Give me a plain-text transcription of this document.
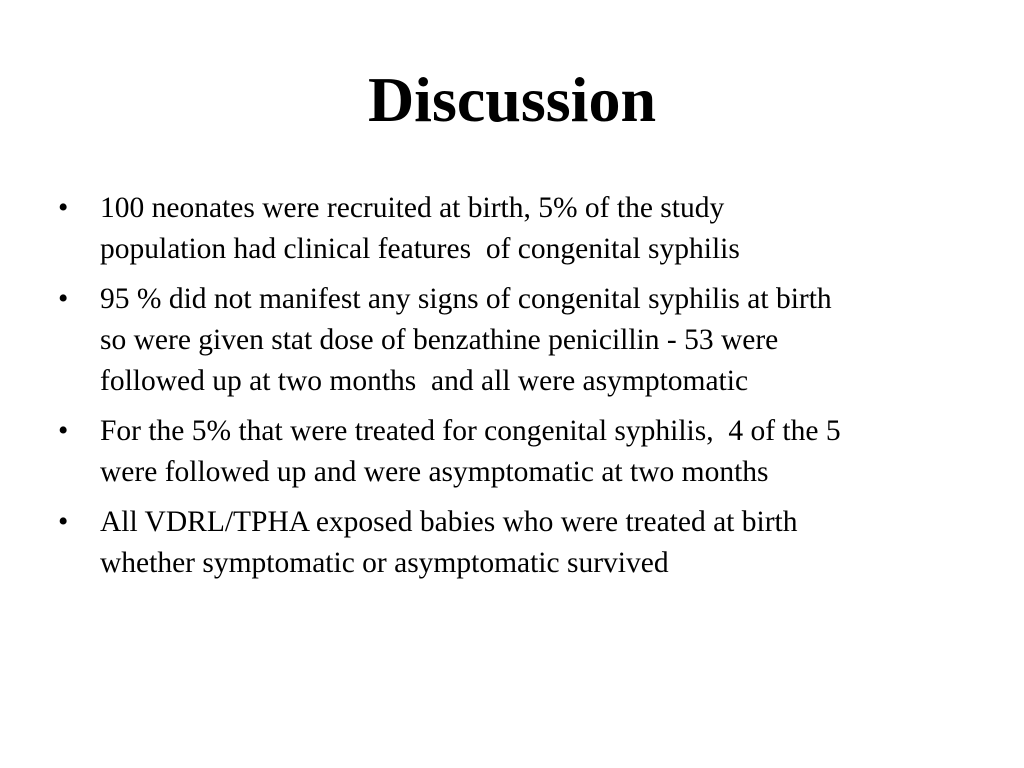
Discussion
•	100 neonates were recruited at birth, 5% of the study
population had clinical features  of congenital syphilis
•	95 % did not manifest any signs of congenital syphilis at birth
so were given stat dose of benzathine penicillin - 53 were
followed up at two months  and all were asymptomatic
•	For the 5% that were treated for congenital syphilis,  4 of the 5
were followed up and were asymptomatic at two months
•	All VDRL/TPHA exposed babies who were treated at birth
whether symptomatic or asymptomatic survived
